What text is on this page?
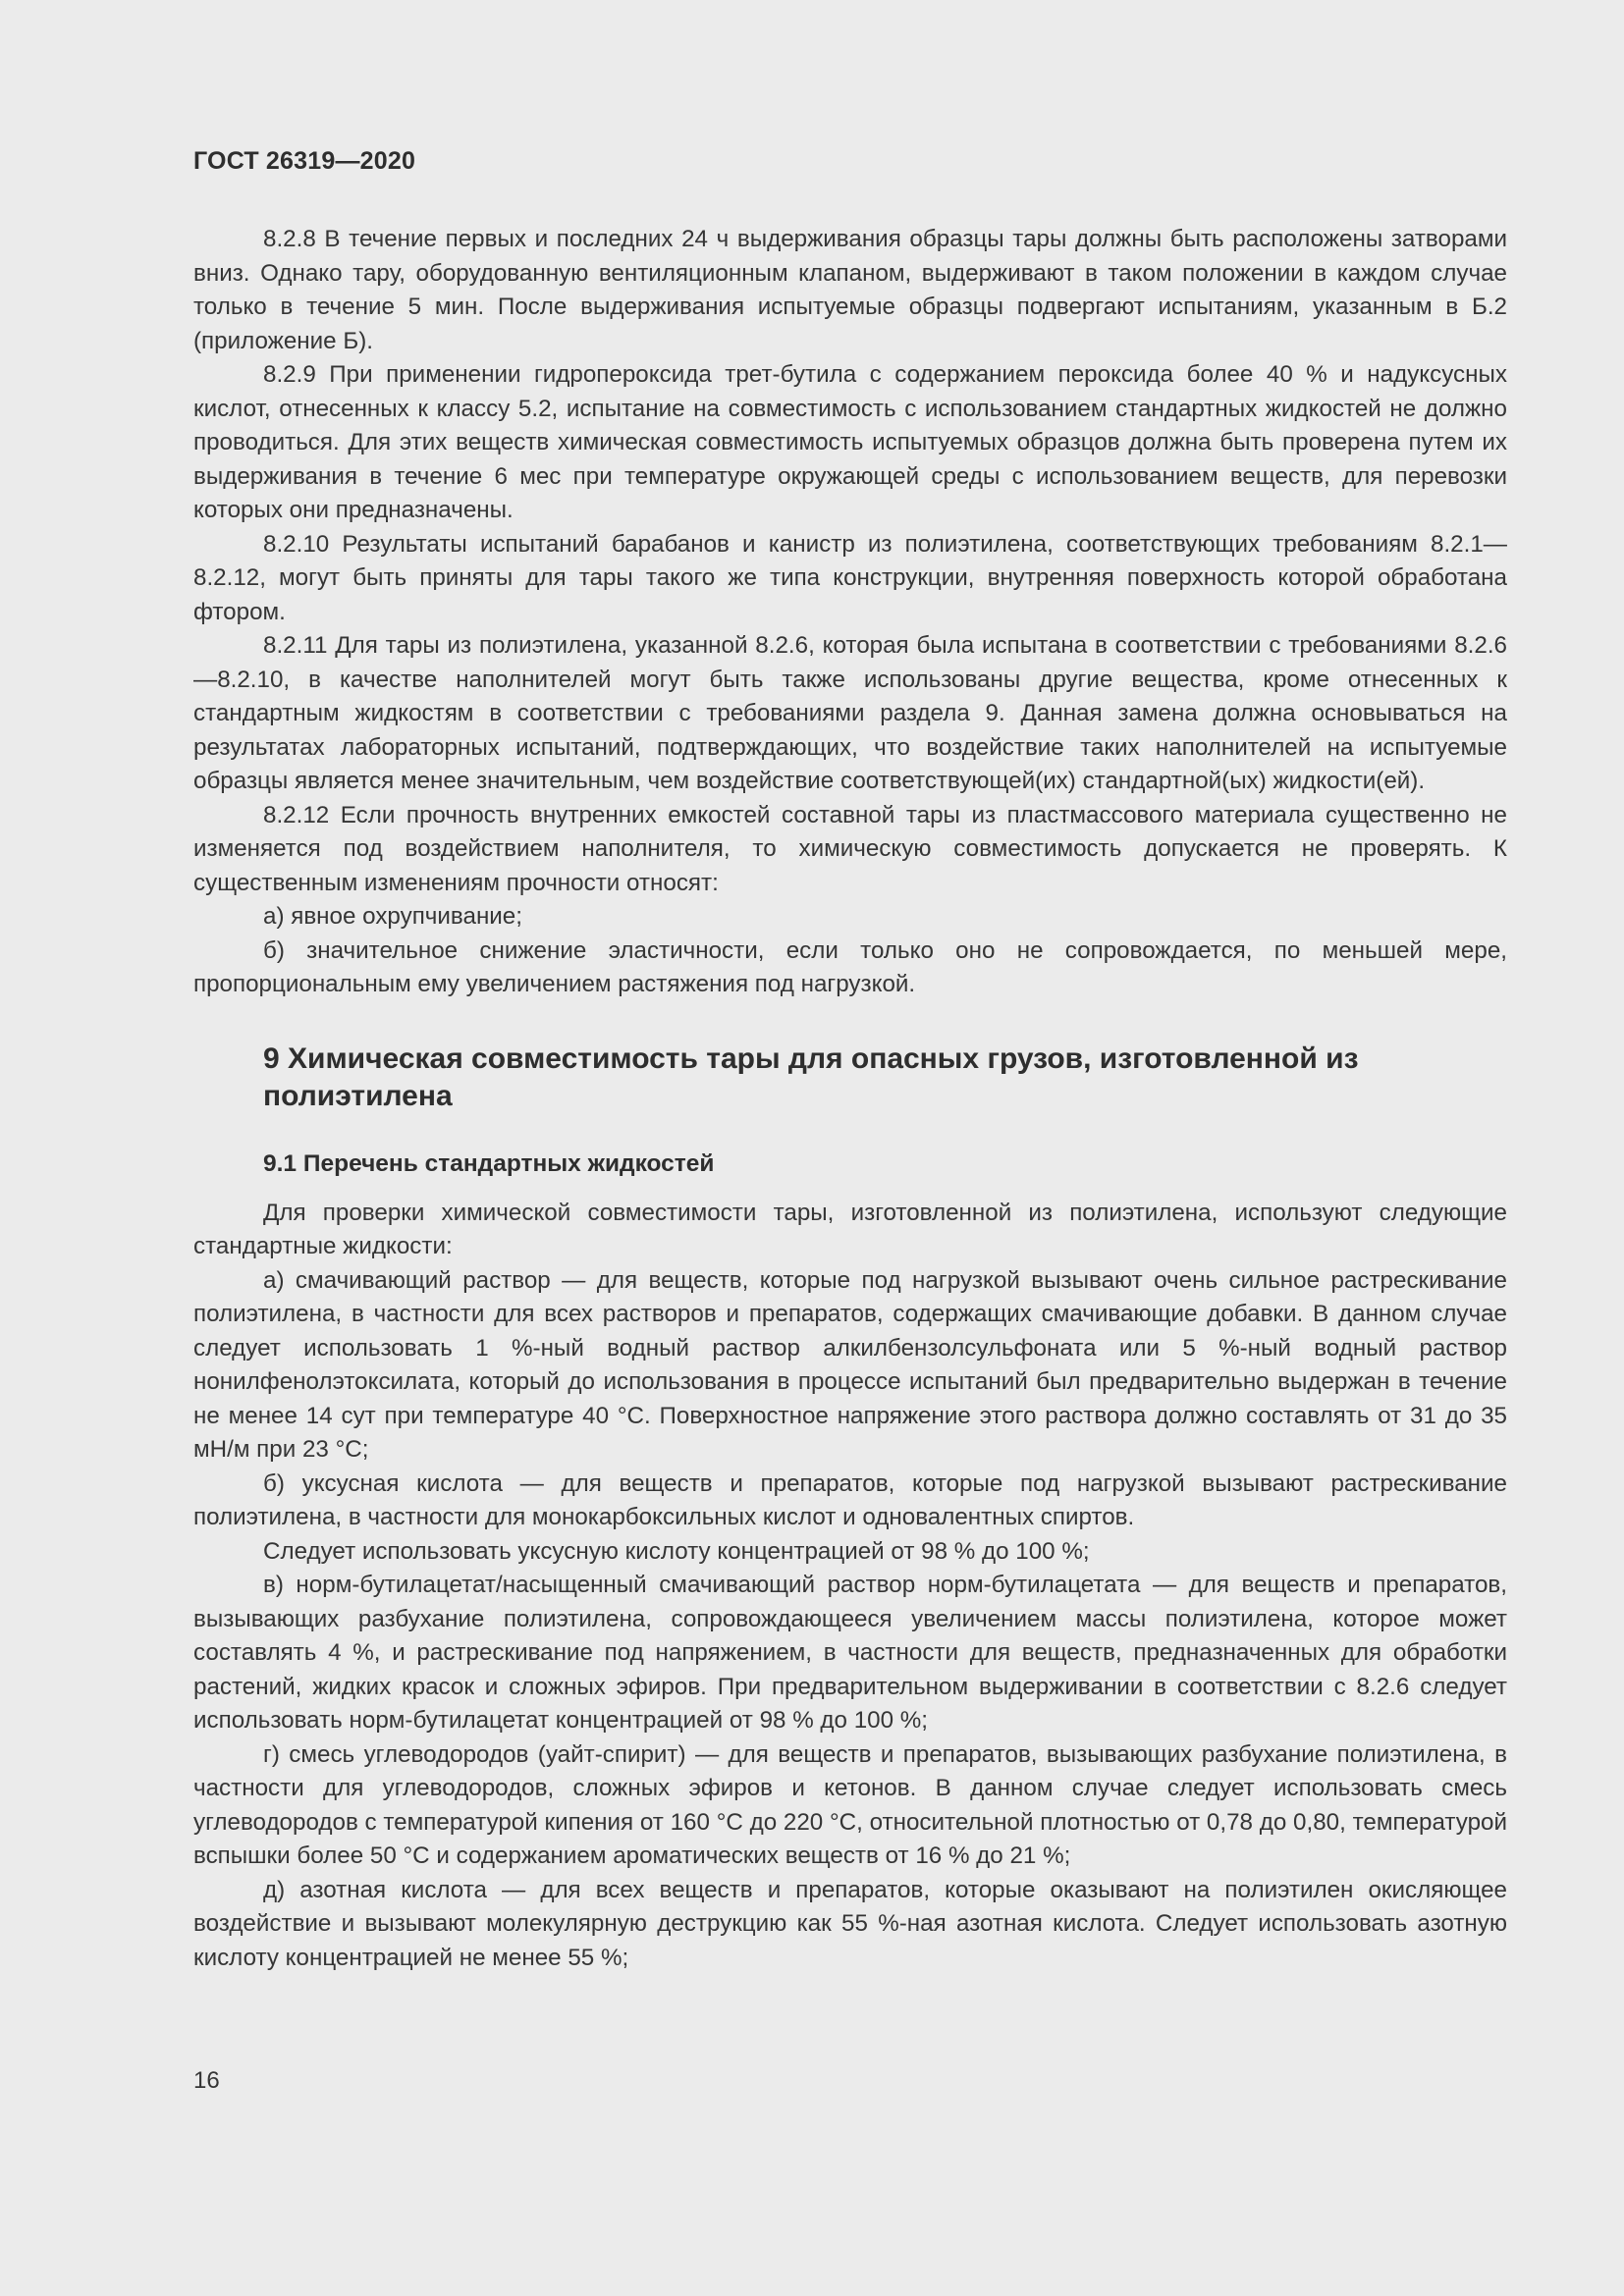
ГОСТ 26319—2020

8.2.8 В течение первых и последних 24 ч выдерживания образцы тары должны быть расположены затворами вниз. Однако тару, оборудованную вентиляционным клапаном, выдерживают в таком положении в каждом случае только в течение 5 мин. После выдерживания испытуемые образцы подвергают испытаниям, указанным в Б.2 (приложение Б).

8.2.9 При применении гидропероксида трет-бутила с содержанием пероксида более 40 % и надуксусных кислот, отнесенных к классу 5.2, испытание на совместимость с использованием стандартных жидкостей не должно проводиться. Для этих веществ химическая совместимость испытуемых образцов должна быть проверена путем их выдерживания в течение 6 мес при температуре окружающей среды с использованием веществ, для перевозки которых они предназначены.

8.2.10 Результаты испытаний барабанов и канистр из полиэтилена, соответствующих требованиям 8.2.1—8.2.12, могут быть приняты для тары такого же типа конструкции, внутренняя поверхность которой обработана фтором.

8.2.11 Для тары из полиэтилена, указанной 8.2.6, которая была испытана в соответствии с требованиями 8.2.6—8.2.10, в качестве наполнителей могут быть также использованы другие вещества, кроме отнесенных к стандартным жидкостям в соответствии с требованиями раздела 9. Данная замена должна основываться на результатах лабораторных испытаний, подтверждающих, что воздействие таких наполнителей на испытуемые образцы является менее значительным, чем воздействие соответствующей(их) стандартной(ых) жидкости(ей).

8.2.12 Если прочность внутренних емкостей составной тары из пластмассового материала существенно не изменяется под воздействием наполнителя, то химическую совместимость допускается не проверять. К существенным изменениям прочности относят:

а) явное охрупчивание;

б) значительное снижение эластичности, если только оно не сопровождается, по меньшей мере, пропорциональным ему увеличением растяжения под нагрузкой.

9 Химическая совместимость тары для опасных грузов, изготовленной из полиэтилена
9.1 Перечень стандартных жидкостей

Для проверки химической совместимости тары, изготовленной из полиэтилена, используют следующие стандартные жидкости:

а) смачивающий раствор — для веществ, которые под нагрузкой вызывают очень сильное растрескивание полиэтилена, в частности для всех растворов и препаратов, содержащих смачивающие добавки. В данном случае следует использовать 1 %-ный водный раствор алкилбензолсульфоната или 5 %-ный водный раствор нонилфенолэтоксилата, который до использования в процессе испытаний был предварительно выдержан в течение не менее 14 сут при температуре 40 °С. Поверхностное напряжение этого раствора должно составлять от 31 до 35 мН/м при 23 °С;

б) уксусная кислота — для веществ и препаратов, которые под нагрузкой вызывают растрескивание полиэтилена, в частности для монокарбоксильных кислот и одновалентных спиртов.

Следует использовать уксусную кислоту концентрацией от 98 % до 100 %;

в) норм-бутилацетат/насыщенный смачивающий раствор норм-бутилацетата — для веществ и препаратов, вызывающих разбухание полиэтилена, сопровождающееся увеличением массы полиэтилена, которое может составлять 4 %, и растрескивание под напряжением, в частности для веществ, предназначенных для обработки растений, жидких красок и сложных эфиров. При предварительном выдерживании в соответствии с 8.2.6 следует использовать норм-бутилацетат концентрацией от 98 % до 100 %;

г) смесь углеводородов (уайт-спирит) — для веществ и препаратов, вызывающих разбухание полиэтилена, в частности для углеводородов, сложных эфиров и кетонов. В данном случае следует использовать смесь углеводородов с температурой кипения от 160 °С до 220 °С, относительной плотностью от 0,78 до 0,80, температурой вспышки более 50 °С и содержанием ароматических веществ от 16 % до 21 %;

д) азотная кислота — для всех веществ и препаратов, которые оказывают на полиэтилен окисляющее воздействие и вызывают молекулярную деструкцию как 55 %-ная азотная кислота. Следует использовать азотную кислоту концентрацией не менее 55 %;

16
